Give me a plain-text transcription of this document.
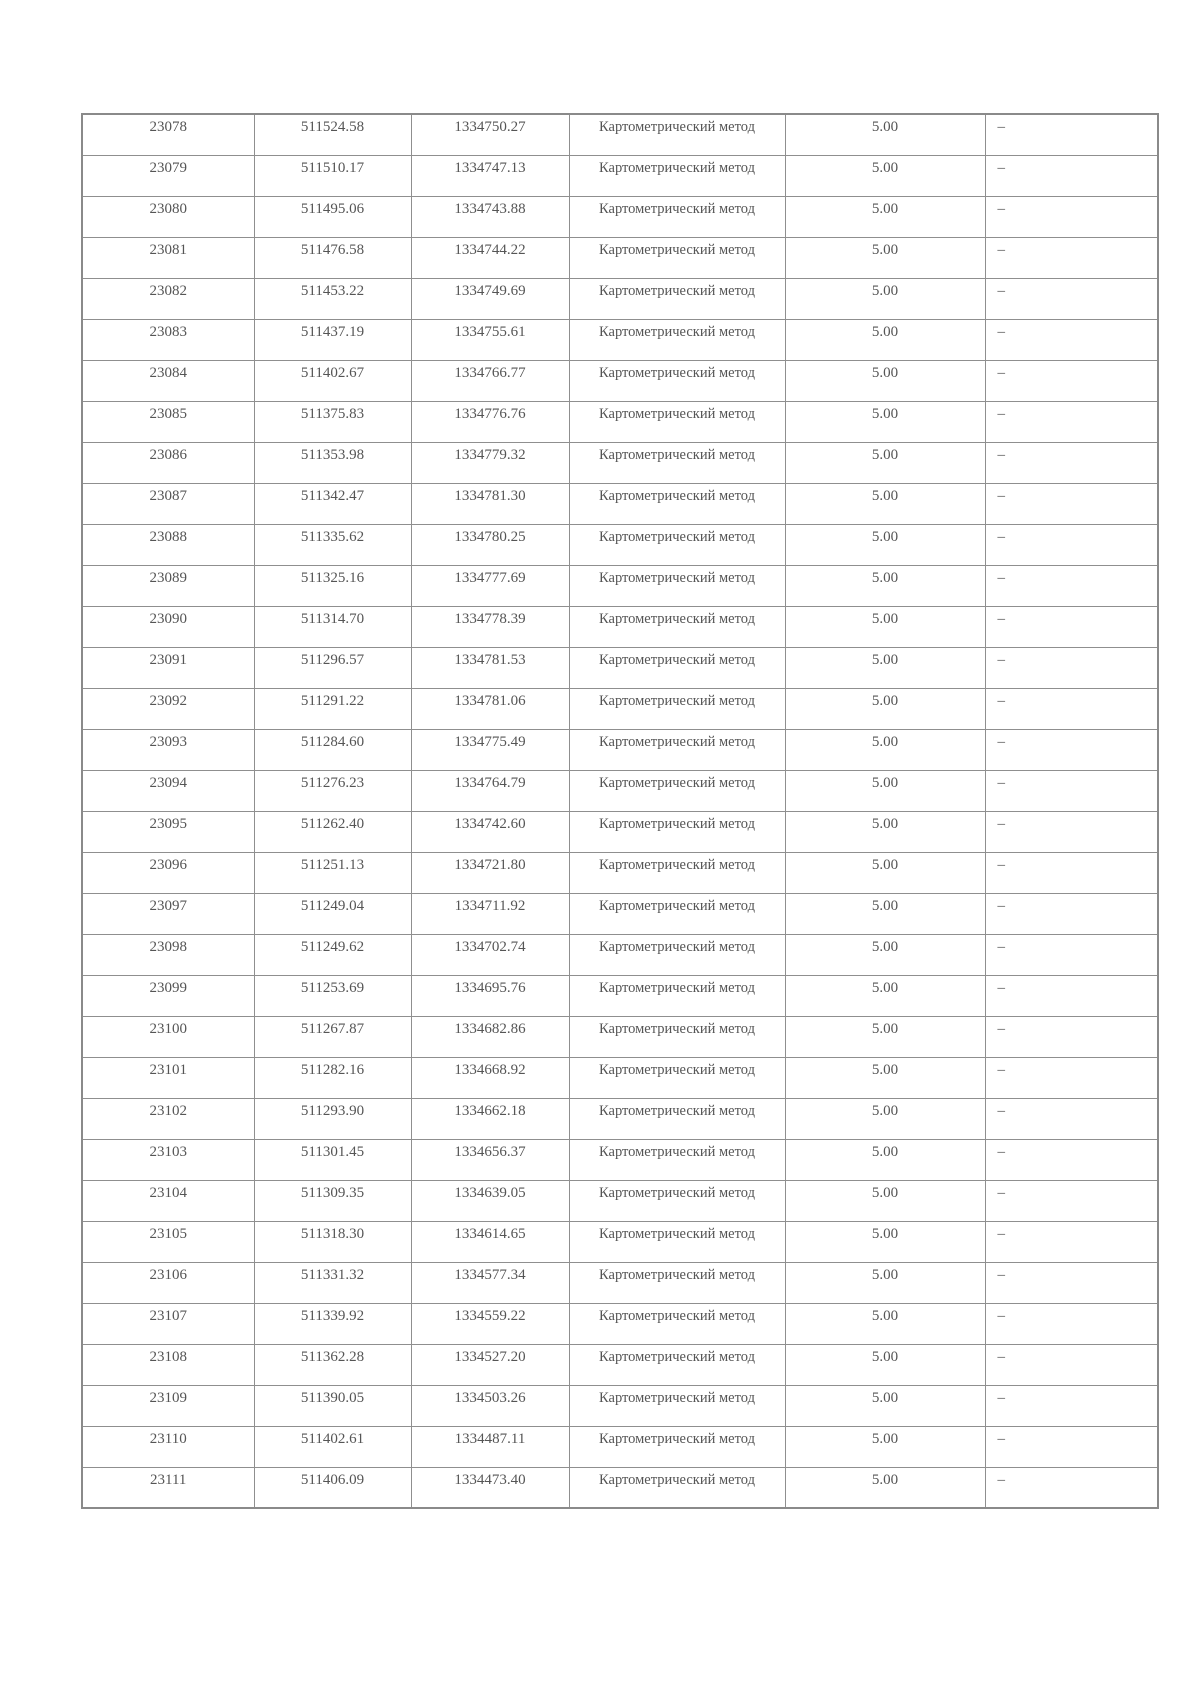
23078	511524.58	1334750.27	Картометрический метод	5.00	–
23079	511510.17	1334747.13	Картометрический метод	5.00	–
23080	511495.06	1334743.88	Картометрический метод	5.00	–
23081	511476.58	1334744.22	Картометрический метод	5.00	–
23082	511453.22	1334749.69	Картометрический метод	5.00	–
23083	511437.19	1334755.61	Картометрический метод	5.00	–
23084	511402.67	1334766.77	Картометрический метод	5.00	–
23085	511375.83	1334776.76	Картометрический метод	5.00	–
23086	511353.98	1334779.32	Картометрический метод	5.00	–
23087	511342.47	1334781.30	Картометрический метод	5.00	–
23088	511335.62	1334780.25	Картометрический метод	5.00	–
23089	511325.16	1334777.69	Картометрический метод	5.00	–
23090	511314.70	1334778.39	Картометрический метод	5.00	–
23091	511296.57	1334781.53	Картометрический метод	5.00	–
23092	511291.22	1334781.06	Картометрический метод	5.00	–
23093	511284.60	1334775.49	Картометрический метод	5.00	–
23094	511276.23	1334764.79	Картометрический метод	5.00	–
23095	511262.40	1334742.60	Картометрический метод	5.00	–
23096	511251.13	1334721.80	Картометрический метод	5.00	–
23097	511249.04	1334711.92	Картометрический метод	5.00	–
23098	511249.62	1334702.74	Картометрический метод	5.00	–
23099	511253.69	1334695.76	Картометрический метод	5.00	–
23100	511267.87	1334682.86	Картометрический метод	5.00	–
23101	511282.16	1334668.92	Картометрический метод	5.00	–
23102	511293.90	1334662.18	Картометрический метод	5.00	–
23103	511301.45	1334656.37	Картометрический метод	5.00	–
23104	511309.35	1334639.05	Картометрический метод	5.00	–
23105	511318.30	1334614.65	Картометрический метод	5.00	–
23106	511331.32	1334577.34	Картометрический метод	5.00	–
23107	511339.92	1334559.22	Картометрический метод	5.00	–
23108	511362.28	1334527.20	Картометрический метод	5.00	–
23109	511390.05	1334503.26	Картометрический метод	5.00	–
23110	511402.61	1334487.11	Картометрический метод	5.00	–
23111	511406.09	1334473.40	Картометрический метод	5.00	–
